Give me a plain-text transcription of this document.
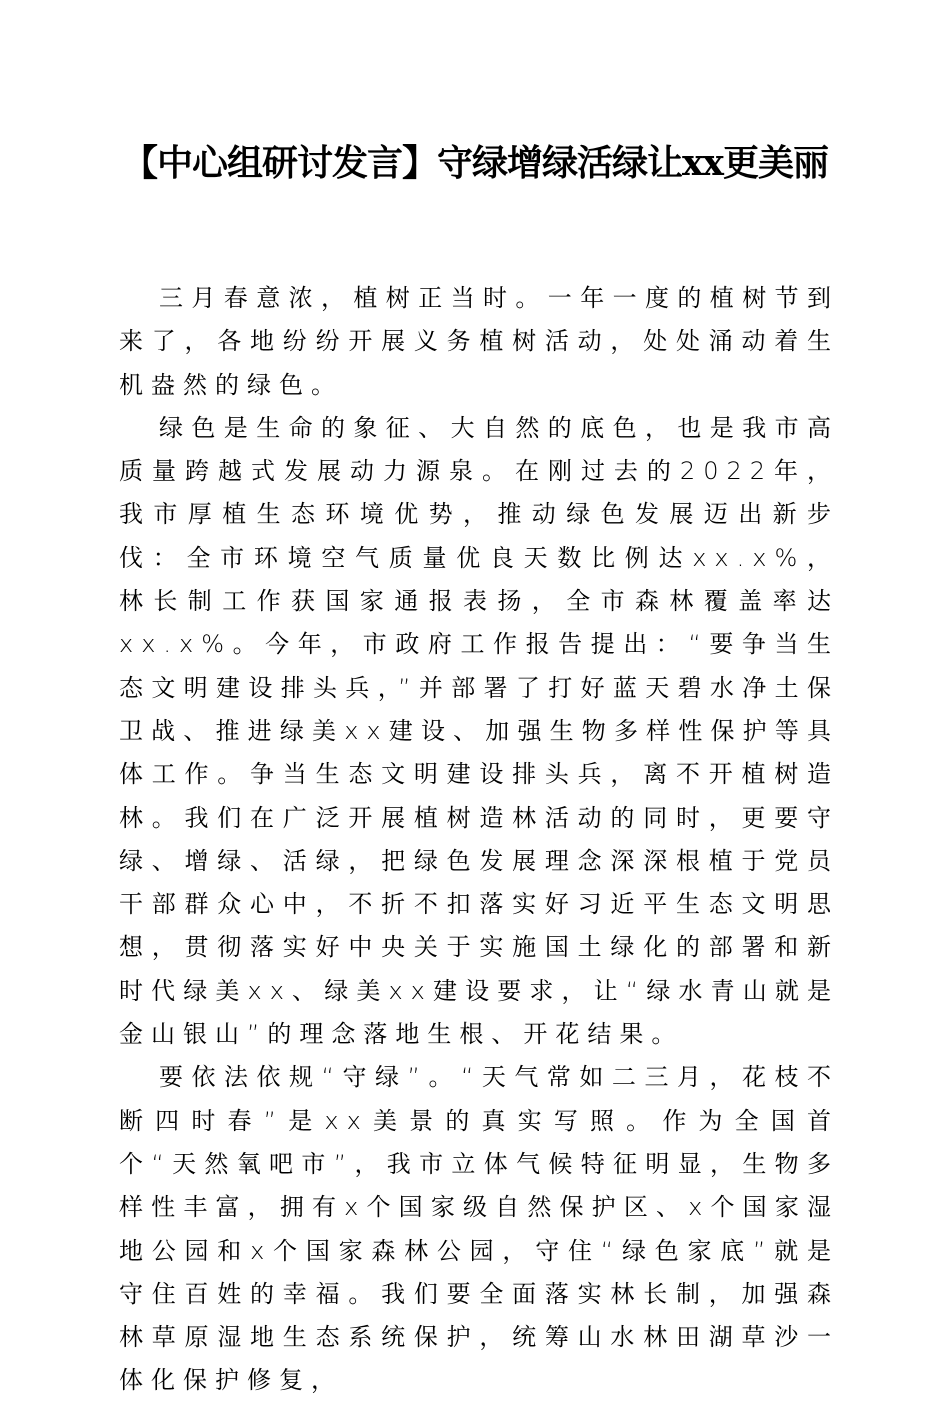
【中心组研讨发言】守绿增绿活绿让xx更美丽

三月春意浓，植树正当时。一年一度的植树节到来了，各地纷纷开展义务植树活动，处处涌动着生机盎然的绿色。

绿色是生命的象征、大自然的底色，也是我市高质量跨越式发展动力源泉。在刚过去的2022年，我市厚植生态环境优势，推动绿色发展迈出新步伐：全市环境空气质量优良天数比例达xx.x%，林长制工作获国家通报表扬，全市森林覆盖率达xx.x%。今年，市政府工作报告提出：“要争当生态文明建设排头兵，”并部署了打好蓝天碧水净土保卫战、推进绿美xx建设、加强生物多样性保护等具体工作。争当生态文明建设排头兵，离不开植树造林。我们在广泛开展植树造林活动的同时，更要守绿、增绿、活绿，把绿色发展理念深深根植于党员干部群众心中，不折不扣落实好习近平生态文明思想，贯彻落实好中央关于实施国土绿化的部署和新时代绿美xx、绿美xx建设要求，让“绿水青山就是金山银山”的理念落地生根、开花结果。

要依法依规“守绿”。“天气常如二三月，花枝不断四时春”是xx美景的真实写照。作为全国首个“天然氧吧市”，我市立体气候特征明显，生物多样性丰富，拥有x个国家级自然保护区、x个国家湿地公园和x个国家森林公园，守住“绿色家底”就是守住百姓的幸福。我们要全面落实林长制，加强森林草原湿地生态系统保护，统筹山水林田湖草沙一体化保护修复，
